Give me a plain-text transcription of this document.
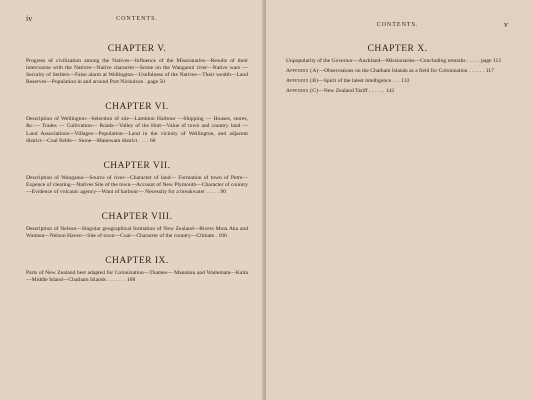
iv	CONTENTS.
CHAPTER V.
Progress of civilization among the Natives—Influence of the Missionaries—Results of their intercourse with the Natives—Native character—Scene on the Wanganui river—Native wars —Security of Settlers—False alarm at Wellington—Usefulness of the Natives—Their wealth—Land Reserves—Population in and around Port Nicholson . page 50
CHAPTER VI.
Description of Wellington—Selection of site—Lambton Harbour —Shipping — Houses, stores, &c.— Trades — Cultivation— Roads—Valley of the Hutt—Value of town and country land —Land Associations—Villages—Population—Land in the vicinity of Wellington, and adjacent district—Coal fields— Stone—Manewatu district . . . . 68
CHAPTER VII.
Description of Wanganui—Source of river—Character of land— Formation of town of Petre—Expence of clearing—Natives Site of the town—Account of New Plymouth—Character of country—Evidence of volcanic agency—Want of harbour— Necessity for a breakwater . . . . . 90
CHAPTER VIII.
Description of Nelson—Singular geographical formation of New Zealand—Rivers Mota Aka and Waimea—Nelson Haven—Site of town—Coal—Character of the country—Climate . 100
CHAPTER IX.
Parts of New Zealand best adapted for Colonization—Thames— Manukau and Waitemata—Kaïta—Middle Island—Chatham Islands . . . . . . . 108
CONTENTS.	v
CHAPTER X.
Unpopularity of the Governor—Auckland—Missionaries—Concluding remarks . . . . . page 112
Appendix (A)—Observations on the Chatham Islands as a field for Colonization . . . . . . 117
Appendix (B)—Spirit of the latest intelligence . . . 133
Appendix (C)—New Zealand Tariff . . . . . . 142
